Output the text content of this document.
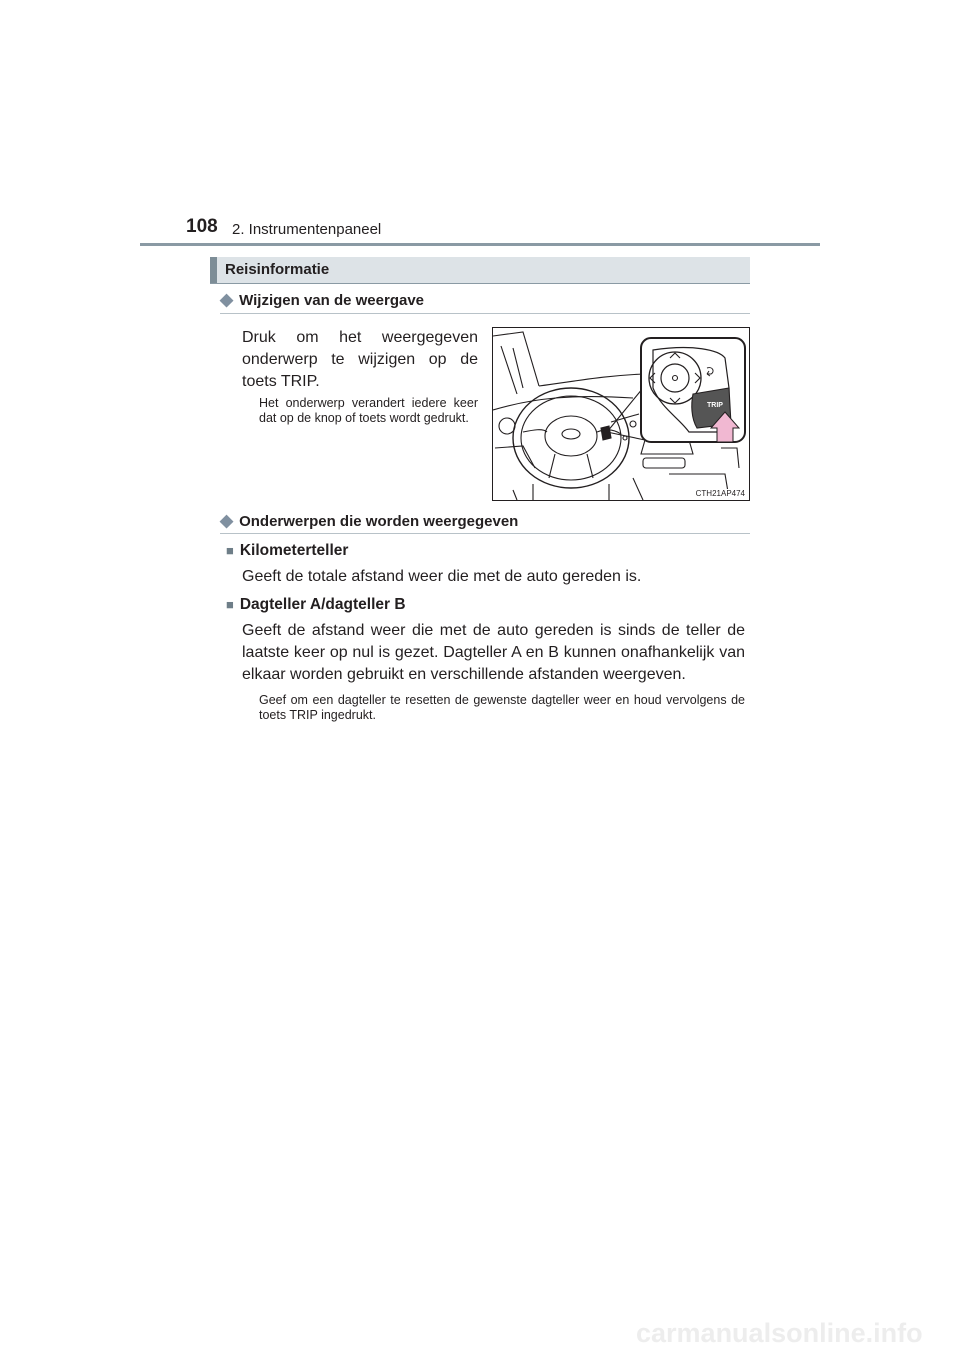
108 2. Instrumentenpaneel
Reisinformatie
◆ Wijzigen van de weergave
Druk om het weergegeven onderwerp te wijzigen op de toets TRIP.
Het onderwerp verandert iedere keer dat op de knop of toets wordt gedrukt.
TRIP
CTH21AP474
◆ Onderwerpen die worden weergegeven
■ Kilometerteller
Geeft de totale afstand weer die met de auto gereden is.
■ Dagteller A/dagteller B
Geeft de afstand weer die met de auto gereden is sinds de teller de laatste keer op nul is gezet. Dagteller A en B kunnen onafhankelijk van elkaar worden gebruikt en verschillende afstanden weergeven.
Geef om een dagteller te resetten de gewenste dagteller weer en houd vervolgens de toets TRIP ingedrukt.
carmanualsonline.info
